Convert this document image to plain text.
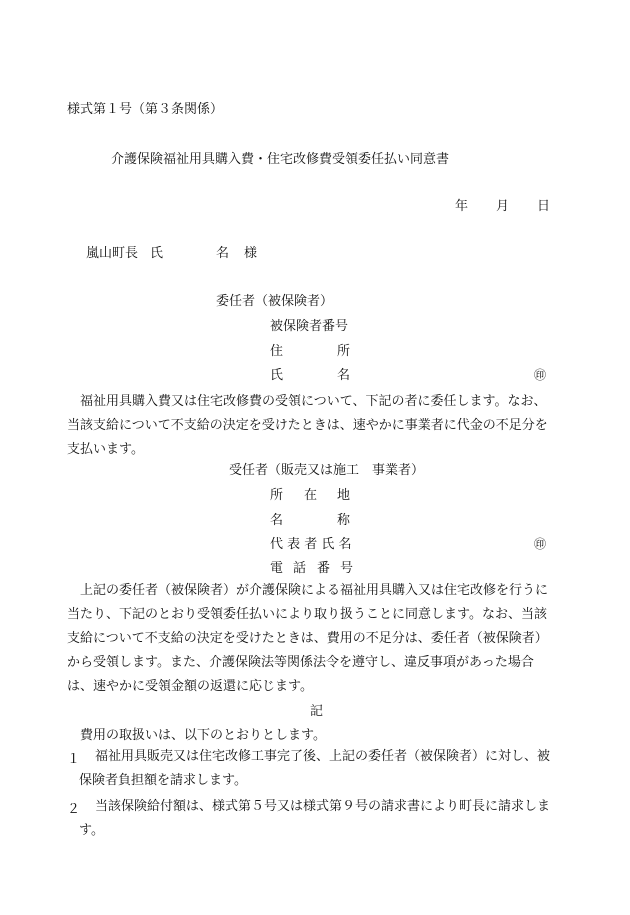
様式第１号（第３条関係）
介護保険福祉用具購入費・住宅改修費受領委任払い同意書
年 月 日
嵐山町長 氏	名 様
委任者（被保険者）
被保険者番号
住	所
氏	名	㊞
福祉用具購入費又は住宅改修費の受領について、下記の者に委任します。なお、当該支給について不支給の決定を受けたときは、速やかに事業者に代金の不足分を支払います。
受任者（販売又は施工　事業者）
所 在 地
名	称
代 表 者 氏 名	㊞
電 話 番 号
上記の委任者（被保険者）が介護保険による福祉用具購入又は住宅改修を行うに当たり、下記のとおり受領委任払いにより取り扱うことに同意します。なお、当該支給について不支給の決定を受けたときは、費用の不足分は、委任者（被保険者）から受領します。また、介護保険法等関係法令を遵守し、違反事項があった場合は、速やかに受領金額の返還に応じます。
記
費用の取扱いは、以下のとおりとします。
１	福祉用具販売又は住宅改修工事完了後、上記の委任者（被保険者）に対し、被保険者負担額を請求します。
２	当該保険給付額は、様式第５号又は様式第９号の請求書により町長に請求します。
